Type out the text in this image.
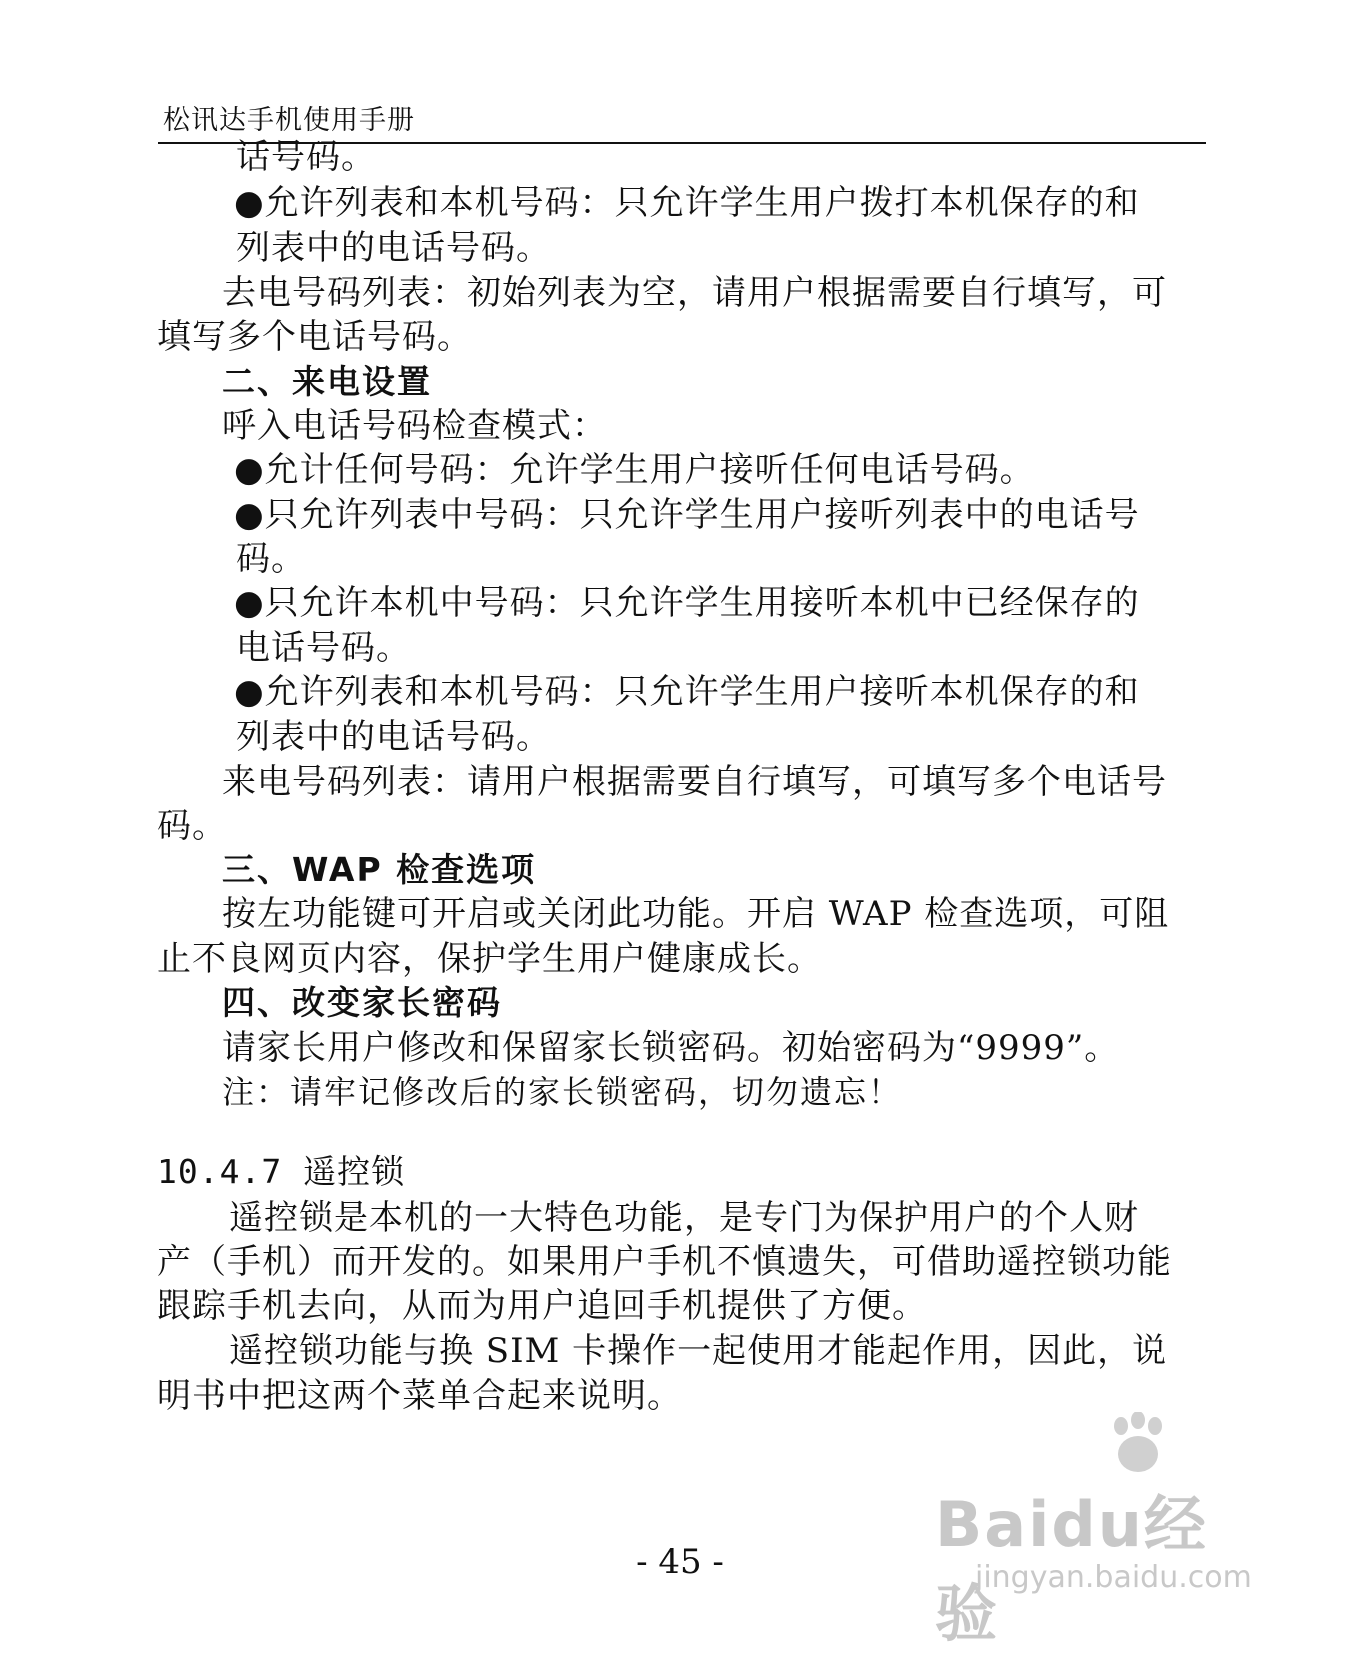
松讯达手机使用手册
话号码。
●允许列表和本机号码：只允许学生用户拨打本机保存的和
列表中的电话号码。
去电号码列表：初始列表为空，请用户根据需要自行填写，可
填写多个电话号码。
二、来电设置
呼入电话号码检查模式：
●允计任何号码：允许学生用户接听任何电话号码。
●只允许列表中号码：只允许学生用户接听列表中的电话号
码。
●只允许本机中号码：只允许学生用接听本机中已经保存的
电话号码。
●允许列表和本机号码：只允许学生用户接听本机保存的和
列表中的电话号码。
来电号码列表：请用户根据需要自行填写，可填写多个电话号
码。
三、WAP 检查选项
按左功能键可开启或关闭此功能。开启 WAP 检查选项，可阻
止不良网页内容，保护学生用户健康成长。
四、改变家长密码
请家长用户修改和保留家长锁密码。初始密码为“9999”。
注：请牢记修改后的家长锁密码，切勿遗忘！
10.4.7 遥控锁
遥控锁是本机的一大特色功能，是专门为保护用户的个人财
产（手机）而开发的。如果用户手机不慎遗失，可借助遥控锁功能
跟踪手机去向，从而为用户追回手机提供了方便。
遥控锁功能与换 SIM 卡操作一起使用才能起作用，因此，说
明书中把这两个菜单合起来说明。
- 45 -
Baidu经验
jingyan.baidu.com
